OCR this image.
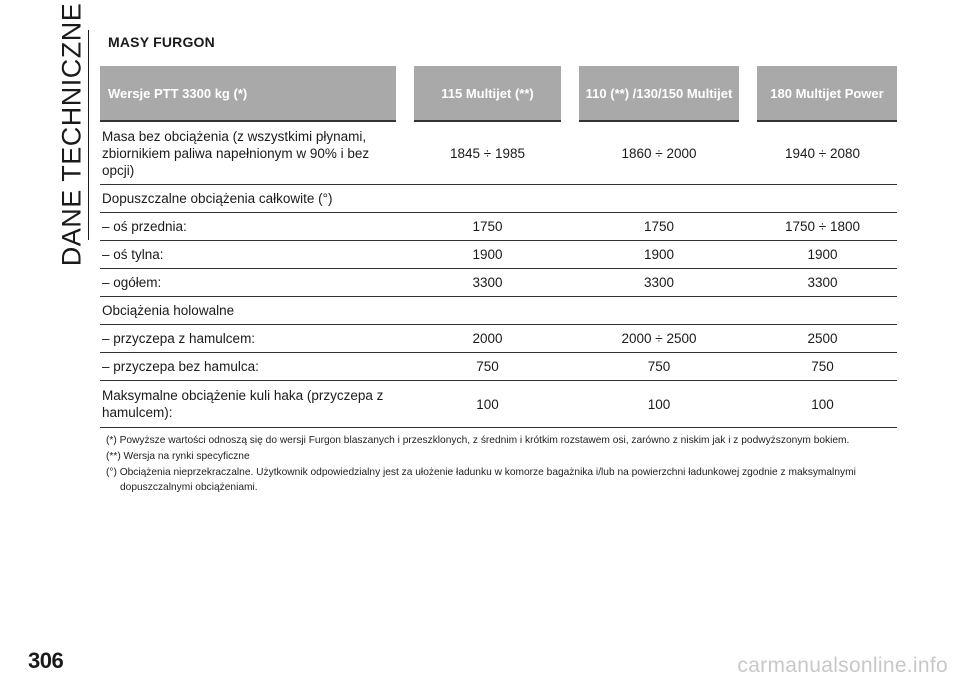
DANE TECHNICZNE MASY FURGON
Wersje PTT 3300 kg (*)	115 Multijet (**)	110 (**) /130/150 Multijet	180 Multijet Power
Masa bez obciążenia (z wszystkimi płynami, zbiornikiem paliwa napełnionym w 90% i bez opcji)	1845 ÷ 1985	1860 ÷ 2000	1940 ÷ 2080
Dopuszczalne obciążenia całkowite (°)			
– oś przednia:	1750	1750	1750 ÷ 1800
– oś tylna:	1900	1900	1900
– ogółem:	3300	3300	3300
Obciążenia holowalne			
– przyczepa z hamulcem:	2000	2000 ÷ 2500	2500
– przyczepa bez hamulca:	750	750	750
Maksymalne obciążenie kuli haka (przyczepa z hamulcem):	100	100	100

(*) Powyższe wartości odnoszą się do wersji Furgon blaszanych i przeszklonych, z średnim i krótkim rozstawem osi, zarówno z niskim jak i z podwyższonym bokiem.

(**) Wersja na rynki specyficzne

(°) Obciążenia nieprzekraczalne. Użytkownik odpowiedzialny jest za ułożenie ładunku w komorze bagażnika i/lub na powierzchni ładunkowej zgodnie z maksymalnymi dopuszczalnymi obciążeniami.

306	carmanualsonline.info
